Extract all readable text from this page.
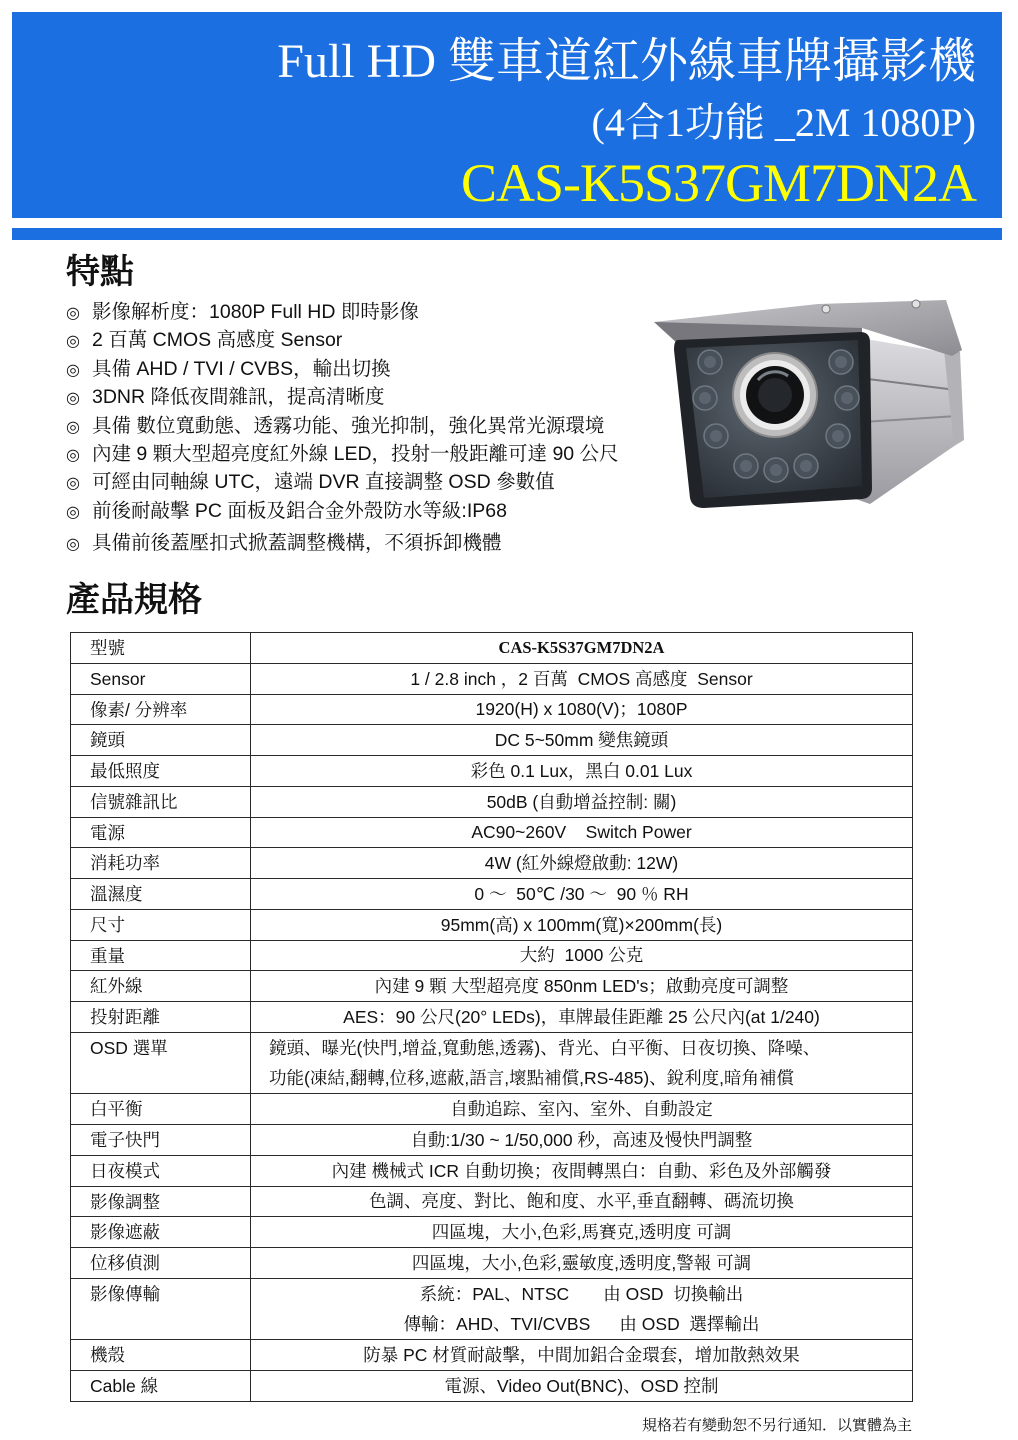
Full HD 雙車道紅外線車牌攝影機
(4合1功能 _2M 1080P)
CAS-K5S37GM7DN2A
特點
◎ 影像解析度：1080P Full HD 即時影像
◎ 2 百萬 CMOS 高感度 Sensor
◎ 具備 AHD / TVI / CVBS，輸出切換
◎ 3DNR 降低夜間雜訊，提高清晰度
◎ 具備 數位寬動態、透霧功能、強光抑制，強化異常光源環境
◎ 內建 9 顆大型超亮度紅外線 LED，投射一般距離可達 90 公尺
◎ 可經由同軸線 UTC，遠端 DVR 直接調整 OSD 參數值
◎ 前後耐敲擊 PC 面板及鋁合金外殼防水等級:IP68
◎ 具備前後蓋壓扣式掀蓋調整機構，不須拆卸機體
產品規格
型號	CAS-K5S37GM7DN2A
Sensor	1 / 2.8 inch ，2 百萬  CMOS 高感度  Sensor
像素/ 分辨率	1920(H) x 1080(V)；1080P
鏡頭	DC 5~50mm 變焦鏡頭
最低照度	彩色 0.1 Lux，黑白 0.01 Lux
信號雜訊比	50dB (自動增益控制: 關)
電源	AC90~260V    Switch Power
消耗功率	4W (紅外線燈啟動: 12W)
溫濕度	0 ～  50℃ /30 ～  90 ％ RH
尺寸	95mm(高) x 100mm(寬)×200mm(長)
重量	大約  1000 公克
紅外線	內建 9 顆 大型超亮度 850nm LED's；啟動亮度可調整
投射距離	AES：90 公尺(20° LEDs)，車牌最佳距離 25 公尺內(at 1/240)
OSD 選單	鏡頭、曝光(快門,增益,寬動態,透霧)、背光、白平衡、日夜切換、降噪、
功能(凍結,翻轉,位移,遮蔽,語言,壞點補償,RS-485)、銳利度,暗角補償

白平衡	自動追踪、室內、室外、自動設定
電子快門	自動:1/30 ~ 1/50,000 秒，高速及慢快門調整
日夜模式	內建 機械式 ICR 自動切換；夜間轉黑白：自動、彩色及外部觸發
影像調整	色調、亮度、對比、飽和度、水平,垂直翻轉、碼流切換
影像遮蔽	四區塊，大小,色彩,馬賽克,透明度 可調
位移偵測	四區塊，大小,色彩,靈敏度,透明度,警報 可調
影像傳輸	系統：PAL、NTSC       由 OSD  切換輸出
傳輸：AHD、TVI/CVBS      由 OSD  選擇輸出

機殼	防暴 PC 材質耐敲擊，中間加鋁合金環套，增加散熱效果
Cable 線	電源、Video Out(BNC)、OSD 控制
規格若有變動恕不另行通知．以實體為主
